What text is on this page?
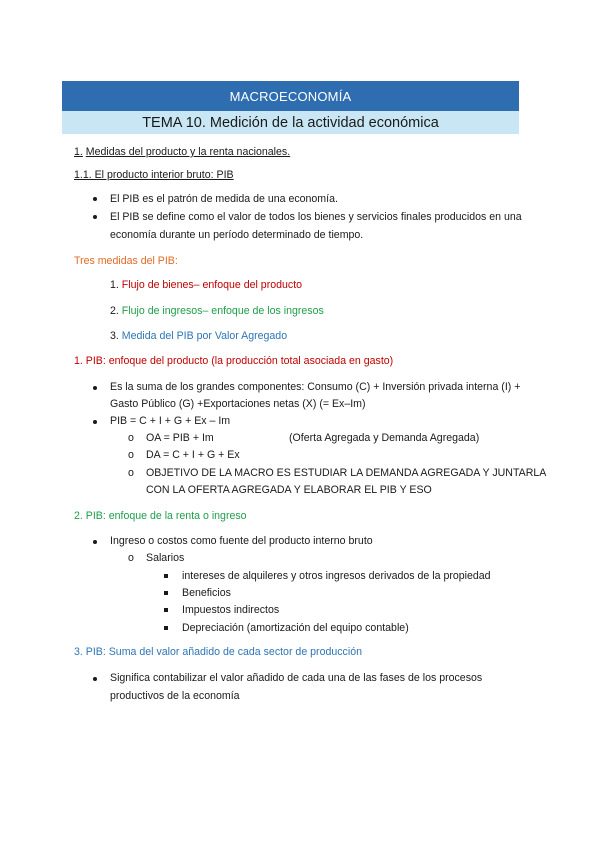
MACROECONOMÍA
TEMA 10. Medición de la actividad económica
1. Medidas del producto y la renta nacionales.
1.1. El producto interior bruto: PIB
El PIB es el patrón de medida de una economía.
El PIB se define como el valor de todos los bienes y servicios finales producidos en una
economía durante un período determinado de tiempo.
Tres medidas del PIB:
1. Flujo de bienes– enfoque del producto
2. Flujo de ingresos– enfoque de los ingresos
3. Medida del PIB por Valor Agregado
1. PIB: enfoque del producto (la producción total asociada en gasto)
Es la suma de los grandes componentes: Consumo (C) + Inversión privada interna (I) +
Gasto Público (G) +Exportaciones netas (X) (= Ex–Im)
PIB = C + I + G + Ex – Im
o OA = PIB + Im	(Oferta Agregada y Demanda Agregada)
o DA = C + I + G + Ex
o OBJETIVO DE LA MACRO ES ESTUDIAR LA DEMANDA AGREGADA Y JUNTARLA
CON LA OFERTA AGREGADA Y ELABORAR EL PIB Y ESO
2. PIB: enfoque de la renta o ingreso
Ingreso o costos como fuente del producto interno bruto
o Salarios
intereses de alquileres y otros ingresos derivados de la propiedad
Beneficios
Impuestos indirectos
Depreciación (amortización del equipo contable)
3. PIB: Suma del valor añadido de cada sector de producción
Significa contabilizar el valor añadido de cada una de las fases de los procesos
productivos de la economía
